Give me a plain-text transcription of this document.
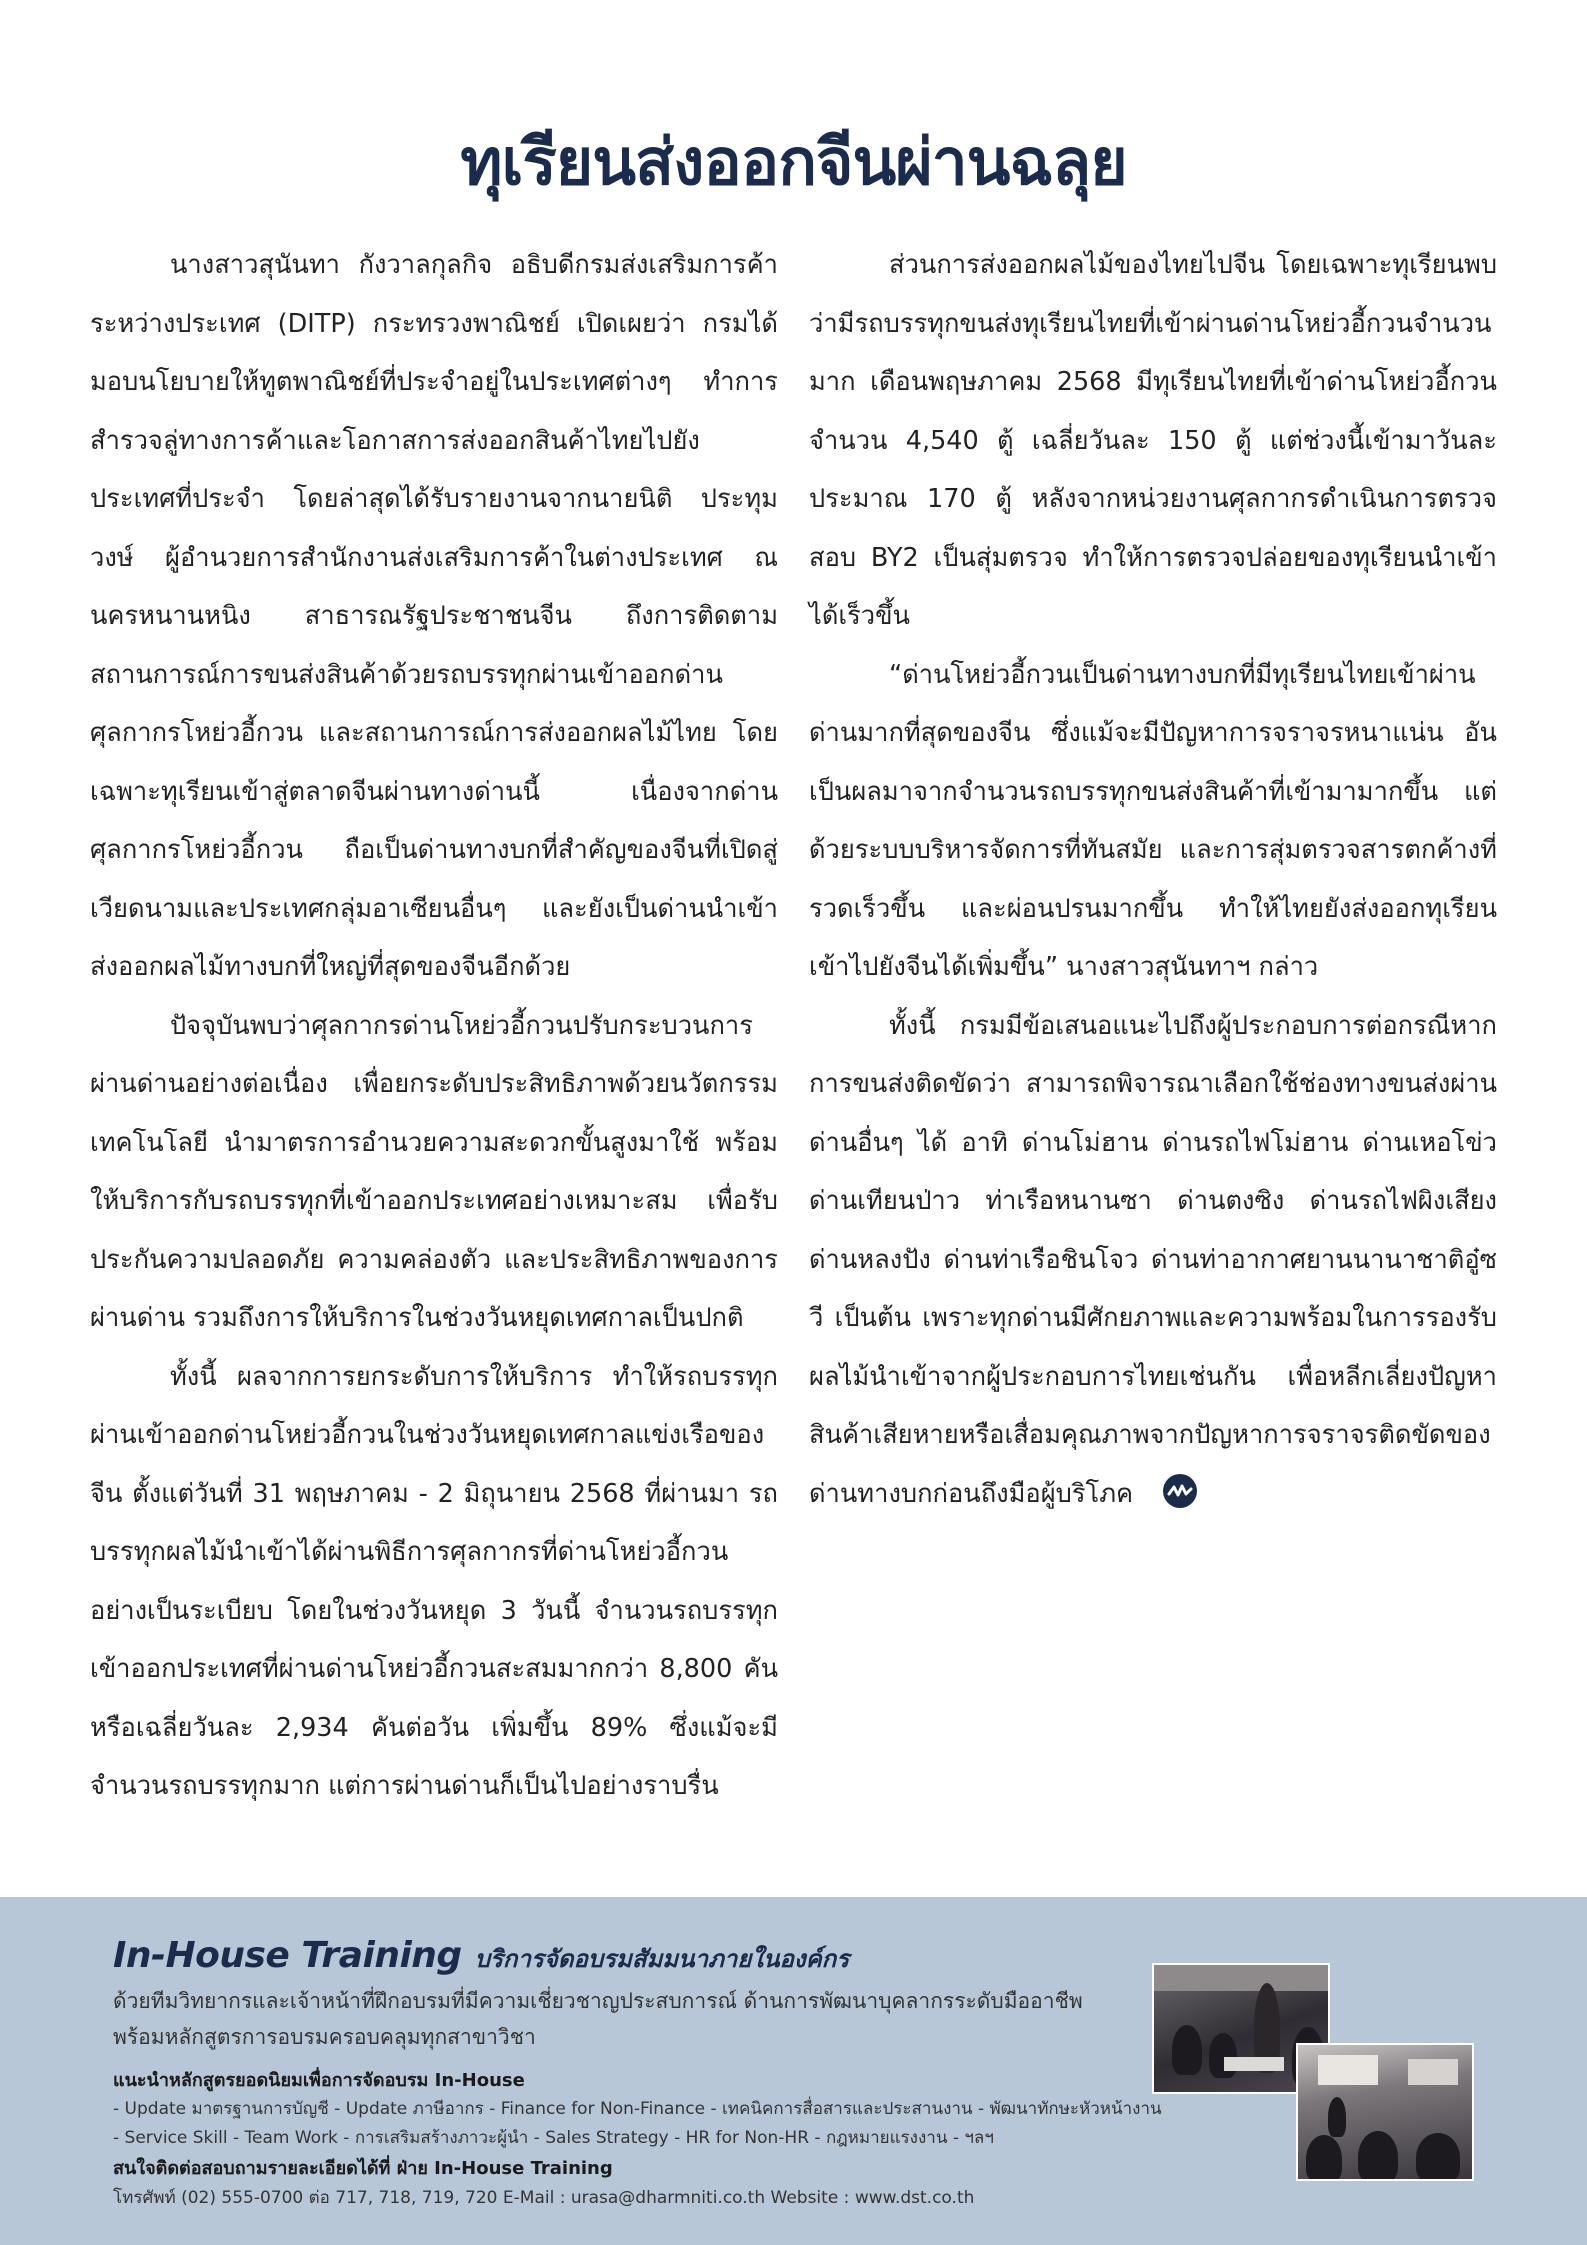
ทุเรียนส่งออกจีนผ่านฉลุย

นางสาวสุนันทา กังวาลกุลกิจ อธิบดีกรมส่งเสริมการค้าระหว่างประเทศ (DITP) กระทรวงพาณิชย์ เปิดเผยว่า กรมได้มอบนโยบายให้ทูตพาณิชย์ที่ประจำอยู่ในประเทศต่างๆ ทำการสำรวจลู่ทางการค้าและโอกาสการส่งออกสินค้าไทยไปยังประเทศที่ประจำ โดยล่าสุดได้รับรายงานจากนายนิติ ประทุมวงษ์ ผู้อำนวยการสำนักงานส่งเสริมการค้าในต่างประเทศ ณ นครหนานหนิง สาธารณรัฐประชาชนจีน ถึงการติดตามสถานการณ์การขนส่งสินค้าด้วยรถบรรทุกผ่านเข้าออกด่านศุลกากรโหย่วอี้กวน และสถานการณ์การส่งออกผลไม้ไทย โดยเฉพาะทุเรียนเข้าสู่ตลาดจีนผ่านทางด่านนี้ เนื่องจากด่านศุลกากรโหย่วอี้กวน ถือเป็นด่านทางบกที่สำคัญของจีนที่เปิดสู่เวียดนามและประเทศกลุ่มอาเซียนอื่นๆ และยังเป็นด่านนำเข้าส่งออกผลไม้ทางบกที่ใหญ่ที่สุดของจีนอีกด้วย

ปัจจุบันพบว่าศุลกากรด่านโหย่วอี้กวนปรับกระบวนการผ่านด่านอย่างต่อเนื่อง เพื่อยกระดับประสิทธิภาพด้วยนวัตกรรมเทคโนโลยี นำมาตรการอำนวยความสะดวกขั้นสูงมาใช้ พร้อมให้บริการกับรถบรรทุกที่เข้าออกประเทศอย่างเหมาะสม เพื่อรับประกันความปลอดภัย ความคล่องตัว และประสิทธิภาพของการผ่านด่าน รวมถึงการให้บริการในช่วงวันหยุดเทศกาลเป็นปกติ

ทั้งนี้ ผลจากการยกระดับการให้บริการ ทำให้รถบรรทุกผ่านเข้าออกด่านโหย่วอี้กวนในช่วงวันหยุดเทศกาลแข่งเรือของจีน ตั้งแต่วันที่ 31 พฤษภาคม - 2 มิถุนายน 2568 ที่ผ่านมา รถบรรทุกผลไม้นำเข้าได้ผ่านพิธีการศุลกากรที่ด่านโหย่วอี้กวนอย่างเป็นระเบียบ โดยในช่วงวันหยุด 3 วันนี้ จำนวนรถบรรทุกเข้าออกประเทศที่ผ่านด่านโหย่วอี้กวนสะสมมากกว่า 8,800 คัน หรือเฉลี่ยวันละ 2,934 คันต่อวัน เพิ่มขึ้น 89% ซึ่งแม้จะมีจำนวนรถบรรทุกมาก แต่การผ่านด่านก็เป็นไปอย่างราบรื่น

ส่วนการส่งออกผลไม้ของไทยไปจีน โดยเฉพาะทุเรียนพบว่ามีรถบรรทุกขนส่งทุเรียนไทยที่เข้าผ่านด่านโหย่วอี้กวนจำนวนมาก เดือนพฤษภาคม 2568 มีทุเรียนไทยที่เข้าด่านโหย่วอี้กวนจำนวน 4,540 ตู้ เฉลี่ยวันละ 150 ตู้ แต่ช่วงนี้เข้ามาวันละประมาณ 170 ตู้ หลังจากหน่วยงานศุลกากรดำเนินการตรวจสอบ BY2 เป็นสุ่มตรวจ ทำให้การตรวจปล่อยของทุเรียนนำเข้าได้เร็วขึ้น

“ด่านโหย่วอี้กวนเป็นด่านทางบกที่มีทุเรียนไทยเข้าผ่านด่านมากที่สุดของจีน ซึ่งแม้จะมีปัญหาการจราจรหนาแน่น อันเป็นผลมาจากจำนวนรถบรรทุกขนส่งสินค้าที่เข้ามามากขึ้น แต่ด้วยระบบบริหารจัดการที่ทันสมัย และการสุ่มตรวจสารตกค้างที่รวดเร็วขึ้น และผ่อนปรนมากขึ้น ทำให้ไทยยังส่งออกทุเรียนเข้าไปยังจีนได้เพิ่มขึ้น” นางสาวสุนันทาฯ กล่าว

ทั้งนี้ กรมมีข้อเสนอแนะไปถึงผู้ประกอบการต่อกรณีหากการขนส่งติดขัดว่า สามารถพิจารณาเลือกใช้ช่องทางขนส่งผ่านด่านอื่นๆ ได้ อาทิ ด่านโม่ฮาน ด่านรถไฟโม่ฮาน ด่านเหอโข่ว ด่านเทียนป่าว ท่าเรือหนานซา ด่านตงซิง ด่านรถไฟผิงเสียง ด่านหลงปัง ด่านท่าเรือชินโจว ด่านท่าอากาศยานนานาชาติอู๋ซวี เป็นต้น เพราะทุกด่านมีศักยภาพและความพร้อมในการรองรับผลไม้นำเข้าจากผู้ประกอบการไทยเช่นกัน เพื่อหลีกเลี่ยงปัญหาสินค้าเสียหายหรือเสื่อมคุณภาพจากปัญหาการจราจรติดขัดของด่านทางบกก่อนถึงมือผู้บริโภค

In-House Training บริการจัดอบรมสัมมนาภายในองค์กร
ด้วยทีมวิทยากรและเจ้าหน้าที่ฝึกอบรมที่มีความเชี่ยวชาญประสบการณ์ ด้านการพัฒนาบุคลากรระดับมืออาชีพ
พร้อมหลักสูตรการอบรมครอบคลุมทุกสาขาวิชา
แนะนำหลักสูตรยอดนิยมเพื่อการจัดอบรม In-House
- Update มาตรฐานการบัญชี - Update ภาษีอากร - Finance for Non-Finance - เทคนิคการสื่อสารและประสานงาน - พัฒนาทักษะหัวหน้างาน
- Service Skill - Team Work - การเสริมสร้างภาวะผู้นำ - Sales Strategy - HR for Non-HR - กฎหมายแรงงาน - ฯลฯ
สนใจติดต่อสอบถามรายละเอียดได้ที่ ฝ่าย In-House Training
โทรศัพท์ (02) 555-0700 ต่อ 717, 718, 719, 720 E-Mail : urasa@dharmniti.co.th Website : www.dst.co.th
